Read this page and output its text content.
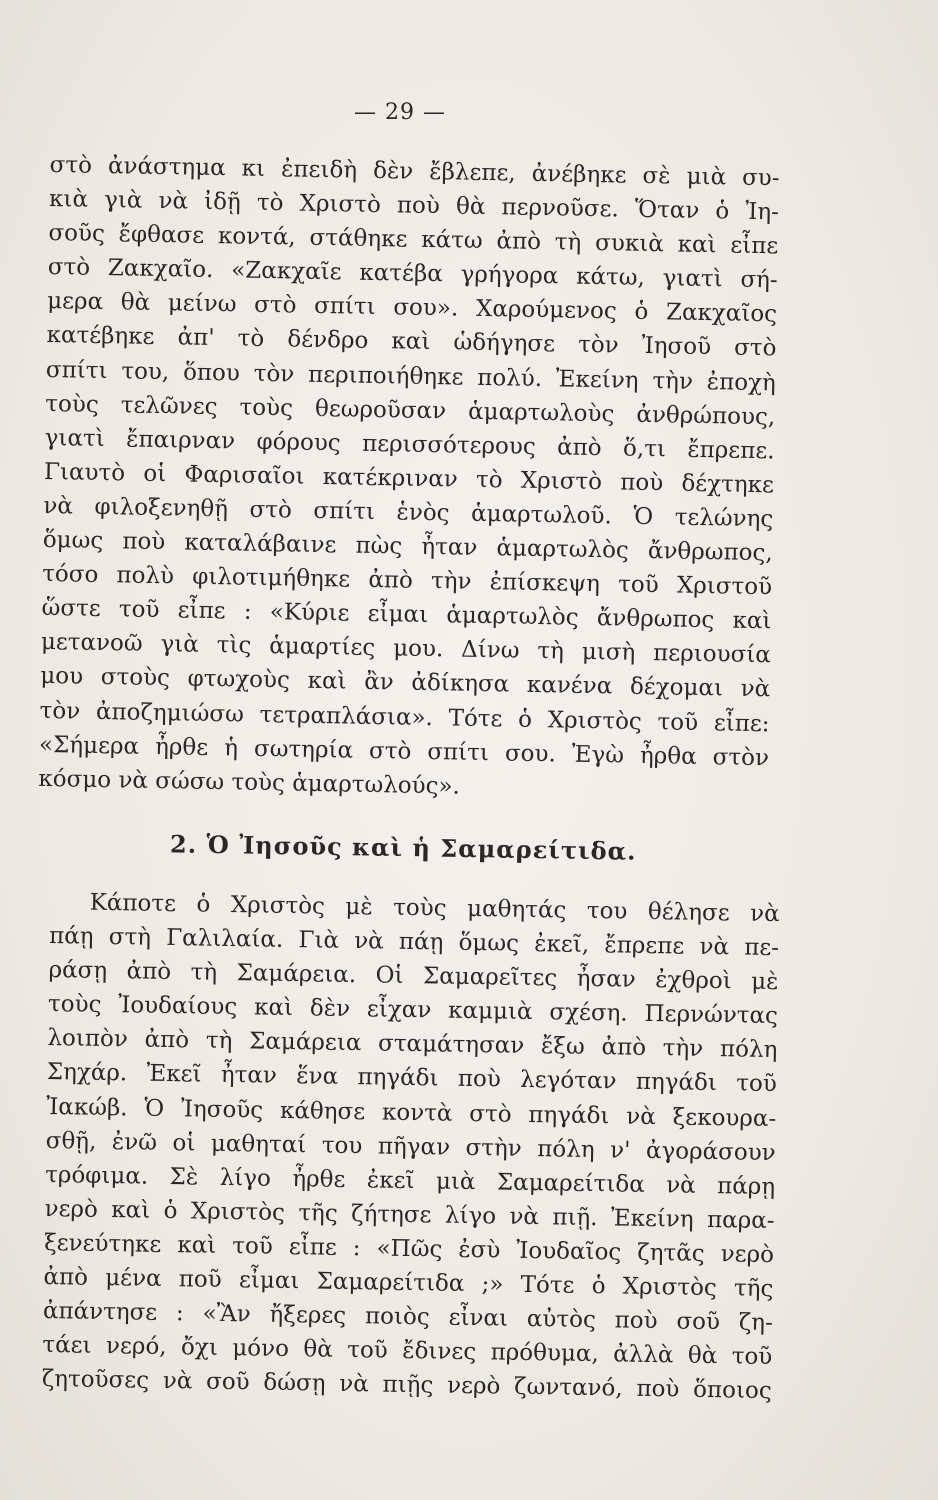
— 29 —
στὸ ἀνάστημα κι ἐπειδὴ δὲν ἔβλεπε, ἀνέβηκε σὲ μιὰ συ-
κιὰ γιὰ νὰ ἰδῇ τὸ Χριστὸ ποὺ θὰ περνοῦσε. Ὅταν ὁ Ἰη-
σοῦς ἔφθασε κοντά, στάθηκε κάτω ἀπὸ τὴ συκιὰ καὶ εἶπε
στὸ Ζακχαῖο. «Ζακχαῖε κατέβα γρήγορα κάτω, γιατὶ σή-
μερα θὰ μείνω στὸ σπίτι σου». Χαρούμενος ὁ Ζακχαῖος
κατέβηκε ἀπ' τὸ δένδρο καὶ ὡδήγησε τὸν Ἰησοῦ στὸ
σπίτι του, ὅπου τὸν περιποιήθηκε πολύ. Ἐκείνη τὴν ἐποχὴ
τοὺς τελῶνες τοὺς θεωροῦσαν ἁμαρτωλοὺς ἀνθρώπους,
γιατὶ ἔπαιρναν φόρους περισσότερους ἀπὸ ὅ,τι ἔπρεπε.
Γιαυτὸ οἱ Φαρισαῖοι κατέκριναν τὸ Χριστὸ ποὺ δέχτηκε
νὰ φιλοξενηθῇ στὸ σπίτι ἑνὸς ἁμαρτωλοῦ. Ὁ τελώνης
ὅμως ποὺ καταλάβαινε πὼς ἦταν ἁμαρτωλὸς ἄνθρωπος,
τόσο πολὺ φιλοτιμήθηκε ἀπὸ τὴν ἐπίσκεψη τοῦ Χριστοῦ
ὥστε τοῦ εἶπε : «Κύριε εἶμαι ἁμαρτωλὸς ἄνθρωπος καὶ
μετανοῶ γιὰ τὶς ἁμαρτίες μου. Δίνω τὴ μισὴ περιουσία
μου στοὺς φτωχοὺς καὶ ἂν ἀδίκησα κανένα δέχομαι νὰ
τὸν ἀποζημιώσω τετραπλάσια». Τότε ὁ Χριστὸς τοῦ εἶπε:
«Σήμερα ἦρθε ἡ σωτηρία στὸ σπίτι σου. Ἐγὼ ἦρθα στὸν
κόσμο νὰ σώσω τοὺς ἁμαρτωλούς».
2. Ὁ Ἰησοῦς καὶ ἡ Σαμαρείτιδα.
Κάποτε ὁ Χριστὸς μὲ τοὺς μαθητάς του θέλησε νὰ
πάῃ στὴ Γαλιλαία. Γιὰ νὰ πάῃ ὅμως ἐκεῖ, ἔπρεπε νὰ πε-
ράσῃ ἀπὸ τὴ Σαμάρεια. Οἱ Σαμαρεῖτες ἦσαν ἐχθροὶ μὲ
τοὺς Ἰουδαίους καὶ δὲν εἶχαν καμμιὰ σχέση. Περνώντας
λοιπὸν ἀπὸ τὴ Σαμάρεια σταμάτησαν ἔξω ἀπὸ τὴν πόλη
Σηχάρ. Ἐκεῖ ἦταν ἕνα πηγάδι ποὺ λεγόταν πηγάδι τοῦ
Ἰακώβ. Ὁ Ἰησοῦς κάθησε κοντὰ στὸ πηγάδι νὰ ξεκουρα-
σθῇ, ἐνῶ οἱ μαθηταί του πῆγαν στὴν πόλη ν' ἀγοράσουν
τρόφιμα. Σὲ λίγο ἦρθε ἐκεῖ μιὰ Σαμαρείτιδα νὰ πάρῃ
νερὸ καὶ ὁ Χριστὸς τῆς ζήτησε λίγο νὰ πιῇ. Ἐκείνη παρα-
ξενεύτηκε καὶ τοῦ εἶπε : «Πῶς ἐσὺ Ἰουδαῖος ζητᾶς νερὸ
ἀπὸ μένα ποῦ εἶμαι Σαμαρείτιδα ;» Τότε ὁ Χριστὸς τῆς
ἀπάντησε : «Ἂν ἤξερες ποιὸς εἶναι αὐτὸς ποὺ σοῦ ζη-
τάει νερό, ὄχι μόνο θὰ τοῦ ἔδινες πρόθυμα, ἀλλὰ θὰ τοῦ
ζητοῦσες νὰ σοῦ δώσῃ νὰ πιῇς νερὸ ζωντανό, ποὺ ὅποιος
